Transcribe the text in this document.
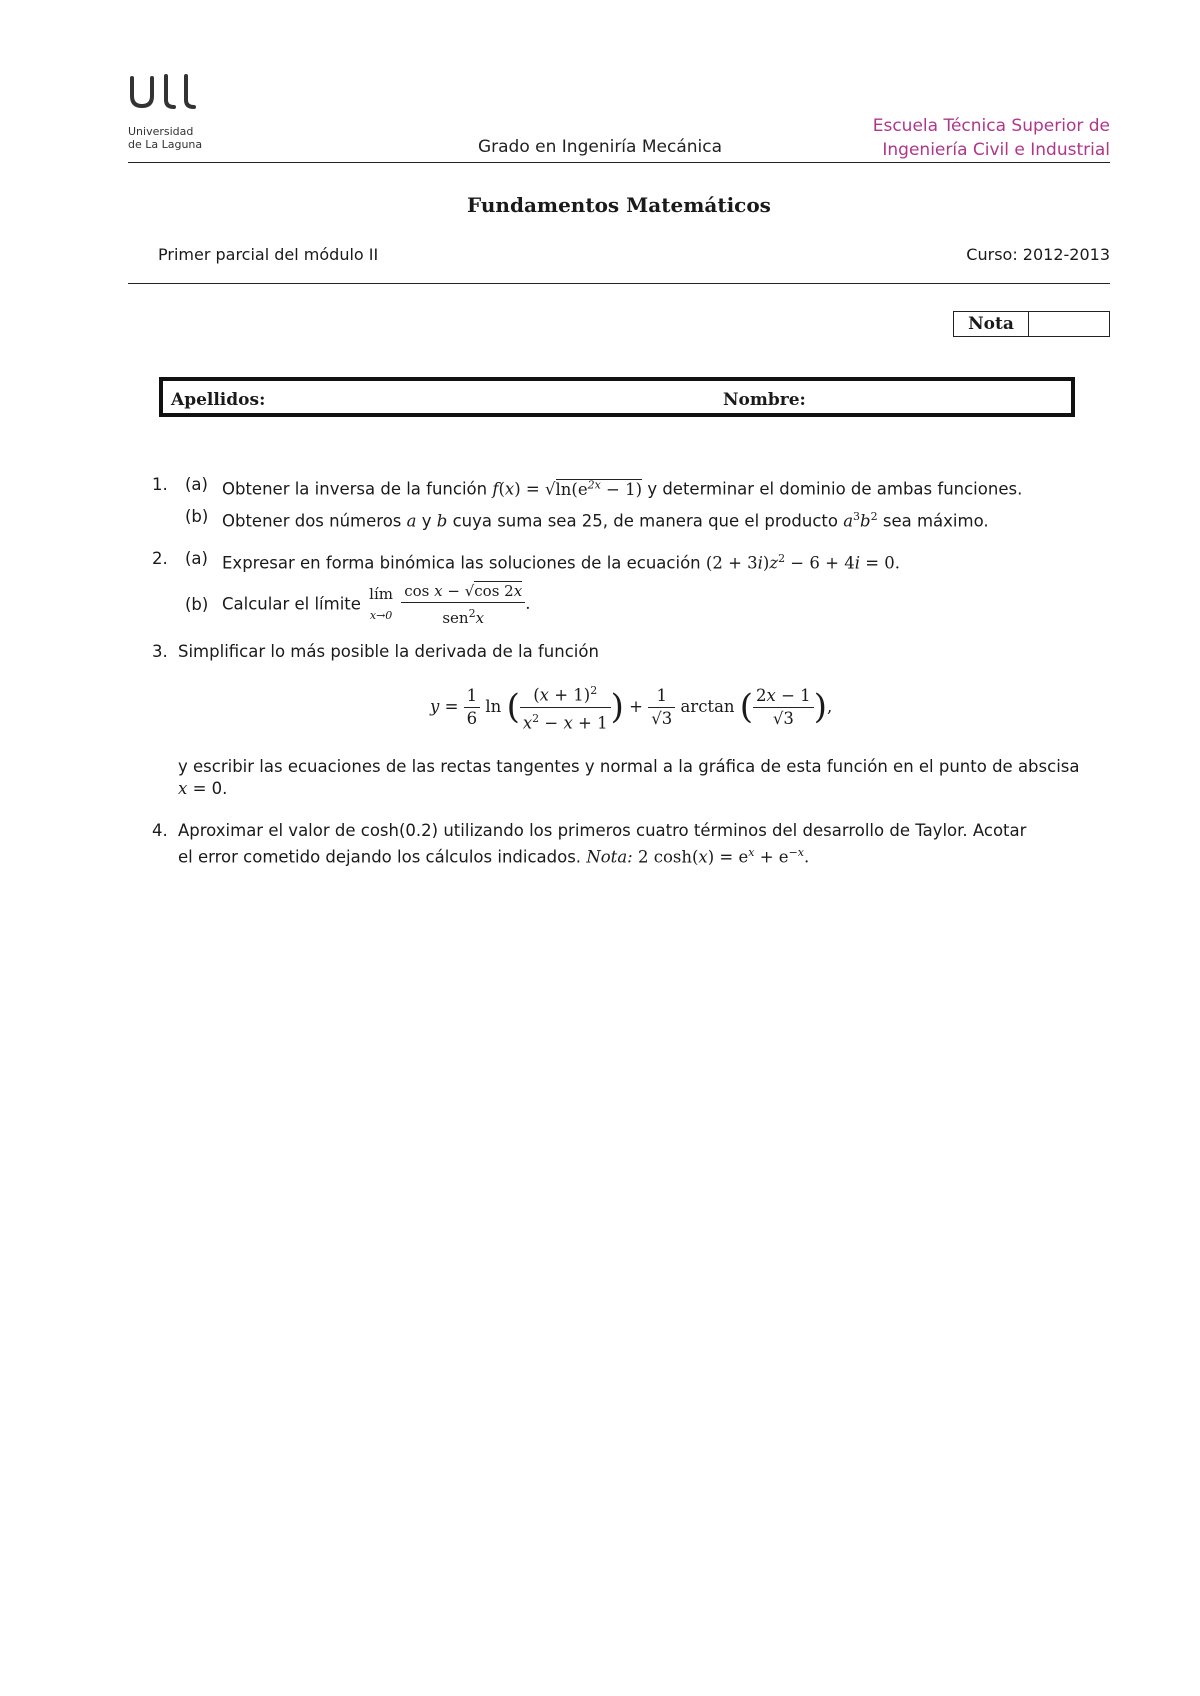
Universidad
de La Laguna	Grado en Ingeniría Mecánica
Escuela Técnica Superior de
Ingeniería Civil e Industrial
Fundamentos Matemáticos
Primer parcial del módulo II	Curso: 2012-2013
Nota
Apellidos:	Nombre:
1. (a) Obtener la inversa de la función $f(x) = √\ln(e^{2x} - 1)$ y determinar el dominio de ambas funciones.
(b) Obtener dos números a y b cuya suma sea 25, de manera que el producto $a^3b^2$ sea máximo.
2. (a) Expresar en forma binómica las soluciones de la ecuación $(2 + 3i)z^2 - 6 + 4i = 0$.
(b) Calcular el límite
lím
x→0
$\frac{\text{cos x − √cos 2x}}{sen^2x}$ .
3. Simplificar lo más posible la derivada de la función
$y = \frac{1}{6}$ ln ( $\frac{(x + 1)^2}{x^2 - x + 1}$ ) + $\frac{1}{√3}$ arctan ( $\frac{2x - 1}{√3}$ ),
y escribir las ecuaciones de las rectas tangentes y normal a la gráfica de esta función en el punto de abscisa
x = 0.
4. Aproximar el valor de cosh(0.2) utilizando los primeros cuatro términos del desarrollo de Taylor. Acotar
el error cometido dejando los cálculos indicados. Nota: 2 $\cosh(x) = e^x + e^{-x}$.
